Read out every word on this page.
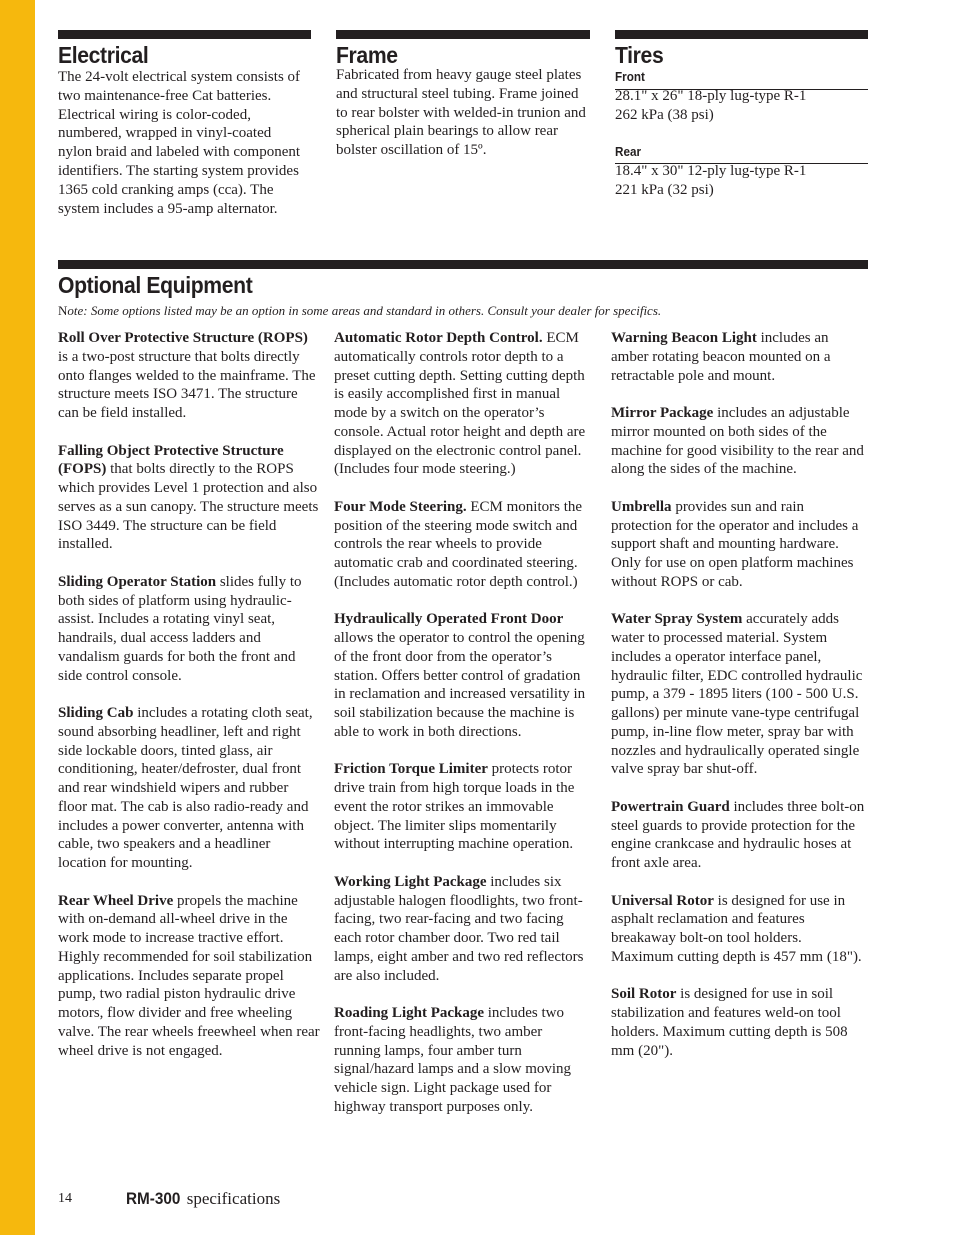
Electrical

The 24-volt electrical system consists of two maintenance-free Cat batteries. Electrical wiring is color-coded, numbered, wrapped in vinyl-coated nylon braid and labeled with component identifiers. The starting system provides 1365 cold cranking amps (cca). The system includes a 95-amp alternator.

Frame

Fabricated from heavy gauge steel plates and structural steel tubing. Frame joined to rear bolster with welded-in trunion and spherical plain bearings to allow rear bolster oscillation of 15º.

Tires
Front

28.1" x 26" 18-ply lug-type R-1

262 kPa (38 psi)

Rear

18.4" x 30" 12-ply lug-type R-1

221 kPa (32 psi)

Optional Equipment
Note: Some options listed may be an option in some areas and standard in others. Consult your dealer for specifics.

Roll Over Protective Structure (ROPS) is a two-post structure that bolts directly onto flanges welded to the mainframe. The structure meets ISO 3471. The structure can be field installed.

Falling Object Protective Structure (FOPS) that bolts directly to the ROPS which provides Level 1 protection and also serves as a sun canopy. The structure meets ISO 3449. The structure can be field installed.

Sliding Operator Station slides fully to both sides of platform using hydraulic-assist. Includes a rotating vinyl seat, handrails, dual access ladders and vandalism guards for both the front and side control console.

Sliding Cab includes a rotating cloth seat, sound absorbing headliner, left and right side lockable doors, tinted glass, air conditioning, heater/defroster, dual front and rear windshield wipers and rubber floor mat. The cab is also radio-ready and includes a power converter, antenna with cable, two speakers and a headliner location for mounting.

Rear Wheel Drive propels the machine with on-demand all-wheel drive in the work mode to increase tractive effort. Highly recommended for soil stabilization applications. Includes separate propel pump, two radial piston hydraulic drive motors, flow divider and free wheeling valve. The rear wheels freewheel when rear wheel drive is not engaged.

Automatic Rotor Depth Control. ECM automatically controls rotor depth to a preset cutting depth. Setting cutting depth is easily accomplished first in manual mode by a switch on the operator’s console. Actual rotor height and depth are displayed on the electronic control panel. (Includes four mode steering.)

Four Mode Steering. ECM monitors the position of the steering mode switch and controls the rear wheels to provide automatic crab and coordinated steering. (Includes automatic rotor depth control.)

Hydraulically Operated Front Door allows the operator to control the opening of the front door from the operator’s station. Offers better control of gradation in reclamation and increased versatility in soil stabilization because the machine is able to work in both directions.

Friction Torque Limiter protects rotor drive train from high torque loads in the event the rotor strikes an immovable object. The limiter slips momentarily without interrupting machine operation.

Working Light Package includes six adjustable halogen floodlights, two front-facing, two rear-facing and two facing each rotor chamber door. Two red tail lamps, eight amber and two red reflectors are also included.

Roading Light Package includes two front-facing headlights, two amber running lamps, four amber turn signal/hazard lamps and a slow moving vehicle sign. Light package used for highway transport purposes only.

Warning Beacon Light includes an amber rotating beacon mounted on a retractable pole and mount.

Mirror Package includes an adjustable mirror mounted on both sides of the machine for good visibility to the rear and along the sides of the machine.

Umbrella provides sun and rain protection for the operator and includes a support shaft and mounting hardware. Only for use on open platform machines without ROPS or cab.

Water Spray System accurately adds water to processed material. System includes a operator interface panel, hydraulic filter, EDC controlled hydraulic pump, a 379 - 1895 liters (100 - 500 U.S. gallons) per minute vane-type centrifugal pump, in-line flow meter, spray bar with nozzles and hydraulically operated single valve spray bar shut-off.

Powertrain Guard includes three bolt-on steel guards to provide protection for the engine crankcase and hydraulic hoses at front axle area.

Universal Rotor is designed for use in asphalt reclamation and features breakaway bolt-on tool holders. Maximum cutting depth is 457 mm (18").

Soil Rotor is designed for use in soil stabilization and features weld-on tool holders. Maximum cutting depth is 508 mm (20").

14	RM-300 specifications
